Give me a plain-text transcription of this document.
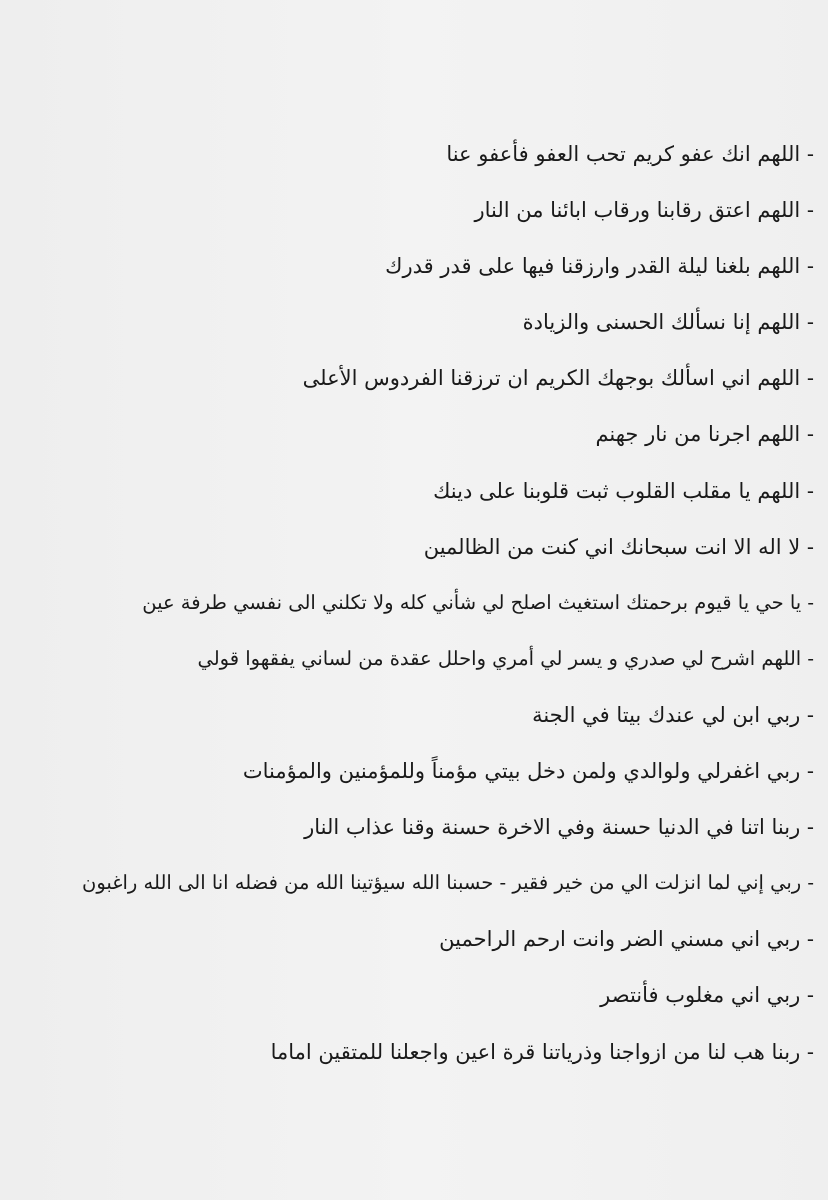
- اللهم انك عفو كريم تحب العفو فأعفو عنا
- اللهم اعتق رقابنا ورقاب ابائنا من النار
- اللهم بلغنا ليلة القدر وارزقنا فيها على قدر قدرك
- اللهم إنا نسألك الحسنى والزيادة
- اللهم اني اسألك بوجهك الكريم ان ترزقنا الفردوس الأعلى
- اللهم اجرنا من نار جهنم
- اللهم يا مقلب القلوب ثبت قلوبنا على دينك
- لا اله الا انت سبحانك اني كنت من الظالمين
- يا حي يا قيوم برحمتك استغيث اصلح لي شأني كله ولا تكلني الى نفسي طرفة عين
- اللهم اشرح لي صدري و يسر لي أمري واحلل عقدة من لساني يفقهوا قولي
- ربي ابن لي عندك بيتا في الجنة
- ربي اغفرلي ولوالدي ولمن دخل بيتي مؤمناً وللمؤمنين والمؤمنات
- ربنا اتنا في الدنيا حسنة وفي الاخرة حسنة وقنا عذاب النار
- ربي إني لما انزلت الي من خير فقير - حسبنا الله سيؤتينا الله من فضله انا الى الله راغبون
- ربي اني مسني الضر وانت ارحم الراحمين
- ربي اني مغلوب فأنتصر
- ربنا هب لنا من ازواجنا وذرياتنا قرة اعين واجعلنا للمتقين اماما
